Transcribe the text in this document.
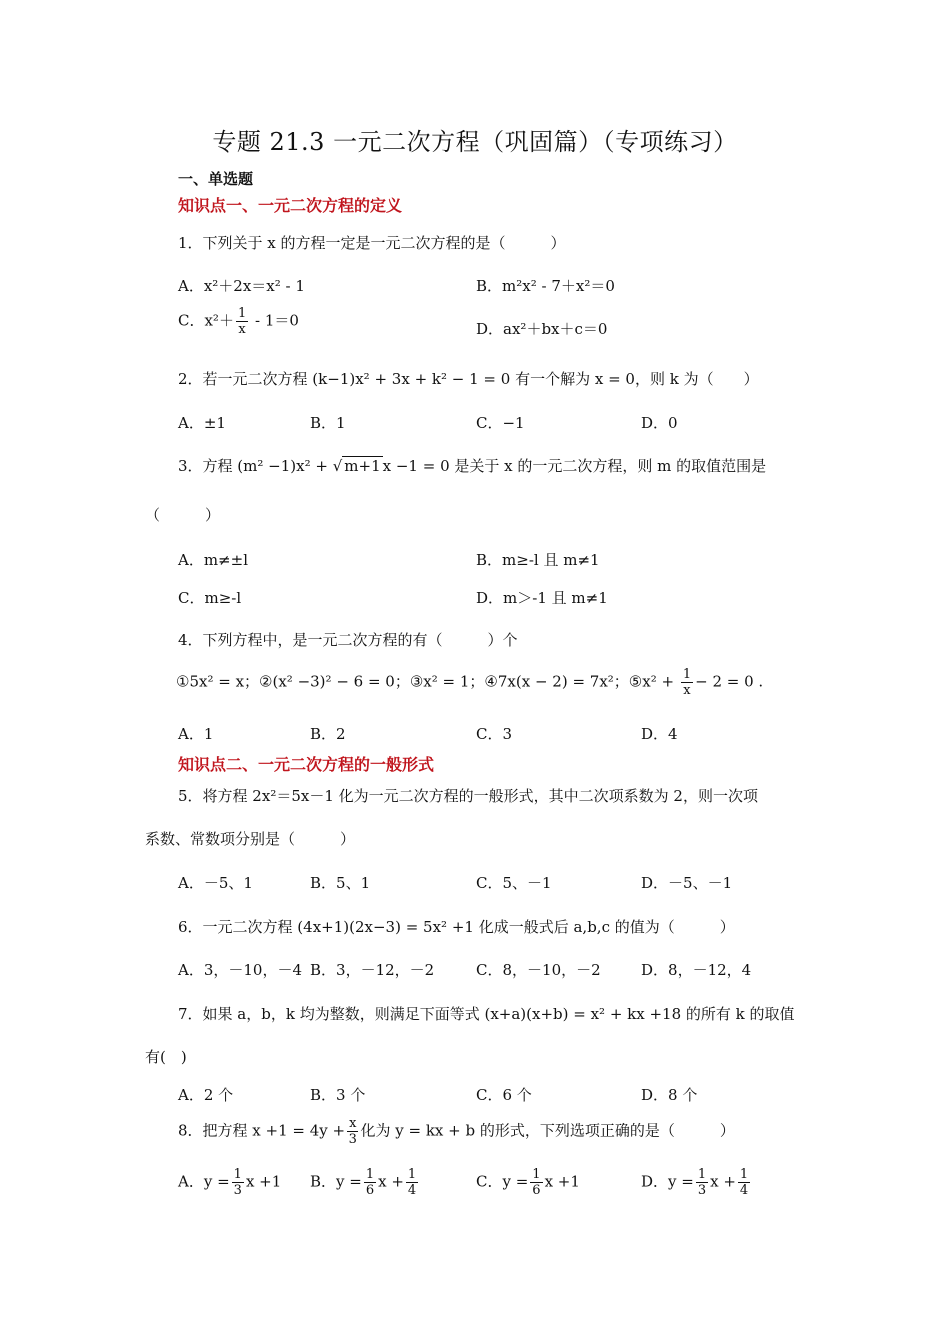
专题 21.3 一元二次方程（巩固篇）（专项练习）
一、单选题
知识点一、一元二次方程的定义
1．下列关于 x 的方程一定是一元二次方程的是（　　　）
A．x²＋2x＝x² - 1	B．m²x² - 7＋x²＝0
C．$x^2+ \frac{1}{x} - 1=0$	D．ax²＋bx＋c＝0
2．若一元二次方程 (k−1)x² + 3x + k² − 1 = 0 有一个解为 x = 0，则 k 为（　　）
A．±1	B．1	C．−1	D．0
3．方程 (m² −1)x² + √ m+1 x −1 = 0 是关于 x 的一元二次方程，则 m 的取值范围是
（　　　）
A．m≠±l	B．m≥-l 且 m≠1
C．m≥-l	D．m＞-1 且 m≠1
4．下列方程中，是一元二次方程的有（　　　）个
①5x² = x；②(x² −3)² − 6 = 0；③x² = 1；④7x(x − 2) = 7x²；⑤x² + $\frac{1}{x} - 2 = 0$ .
A．1	B．2	C．3	D．4
知识点二、一元二次方程的一般形式
5．将方程 2x²＝5x－1 化为一元二次方程的一般形式，其中二次项系数为 2，则一次项
系数、常数项分别是（　　　）
A．－5、1	B．5、1	C．5、－1	D．－5、－1
6．一元二次方程 (4x+1)(2x−3) = 5x² +1 化成一般式后 a,b,c 的值为（　　　）
A．3，－10，－4 B．3，－12，－2	C．8，－10，－2	D．8，－12，4
7．如果 a，b，k 均为整数，则满足下面等式 (x+a)(x+b) = x² + kx +18 的所有 k 的取值
有(　)
A．2 个	B．3 个	C．6 个	D．8 个
8．把方程 $x +1 = 4y + \frac{x}{3}$ 化为 y = kx + b 的形式，下列选项正确的是（　　　）
A．$y = \frac{1}{3}$ x +1 B．$y = \frac{1}{6}$ $x + \frac{1}{4}$	C．$y = \frac{1}{6}$ x +1	D．$y = \frac{1}{3}$ $x + \frac{1}{4}$
